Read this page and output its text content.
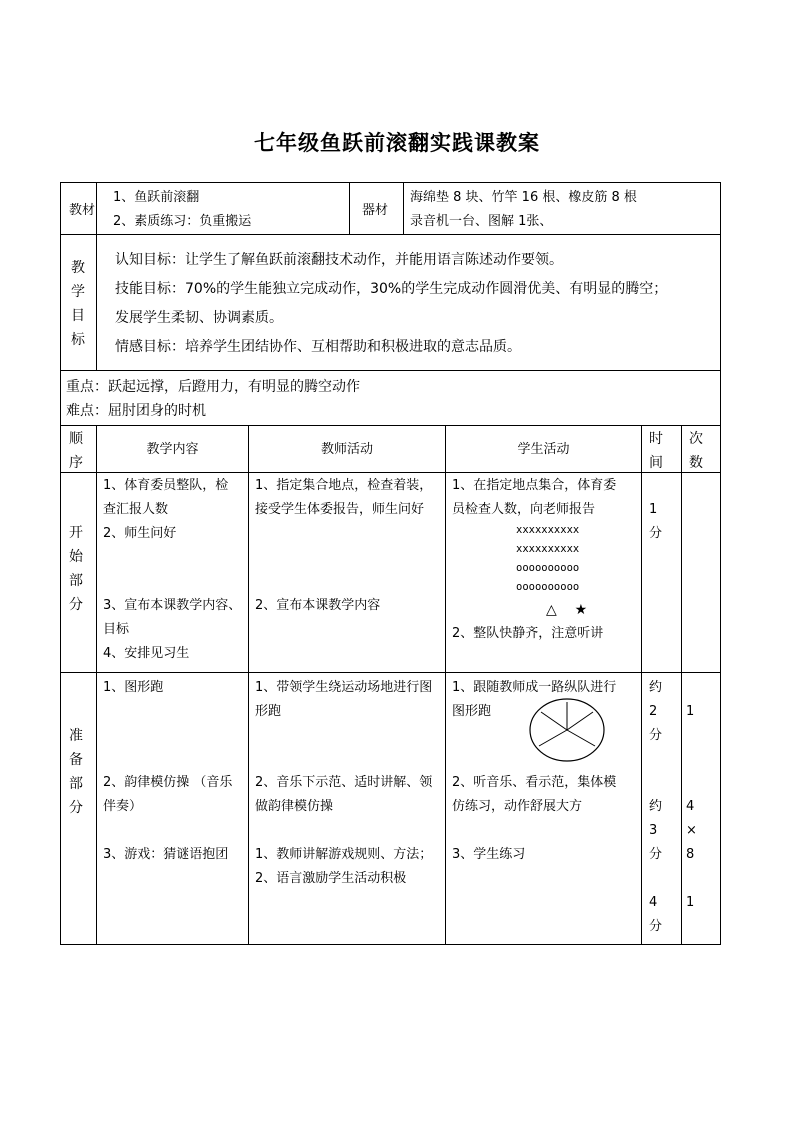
七年级鱼跃前滚翻实践课教案
教材
1、鱼跃前滚翻
2、素质练习：负重搬运
器材
海绵垫 8 块、竹竿 16 根、橡皮筋 8 根
录音机一台、图解 1张、
教
学
目
标
认知目标：让学生了解鱼跃前滚翻技术动作，并能用语言陈述动作要领。
技能目标：70%的学生能独立完成动作，30%的学生完成动作圆滑优美、有明显的腾空；
发展学生柔韧、协调素质。
情感目标：培养学生团结协作、互相帮助和积极进取的意志品质。
重点：跃起远撑，后蹬用力，有明显的腾空动作
难点：屈肘团身的时机
顺
序
教学内容	教师活动	学生活动
时
间
次
数
开
始
部
分
1、体育委员整队，检
查汇报人数
2、师生问好
3、宣布本课教学内容、
目标
4、安排见习生
1、指定集合地点，检查着装，
接受学生体委报告，师生问好
2、宣布本课教学内容
1、在指定地点集合，体育委
员检查人数，向老师报告
xxxxxxxxxx
xxxxxxxxxx
oooooooooo
oooooooooo
△    ★
2、整队快静齐，注意听讲
1
分
准
备
部
分
1、图形跑
2、韵律模仿操 （音乐
伴奏）
3、游戏：猜谜语抱团
1、带领学生绕运动场地进行图
形跑
2、音乐下示范、适时讲解、领
做韵律模仿操
1、教师讲解游戏规则、方法；
2、语言激励学生活动积极
1、跟随教师成一路纵队进行
图形跑
2、听音乐、看示范，集体模
仿练习，动作舒展大方
3、学生练习
约
2
分
约
3
分
4
分
1
4
×
8
1
